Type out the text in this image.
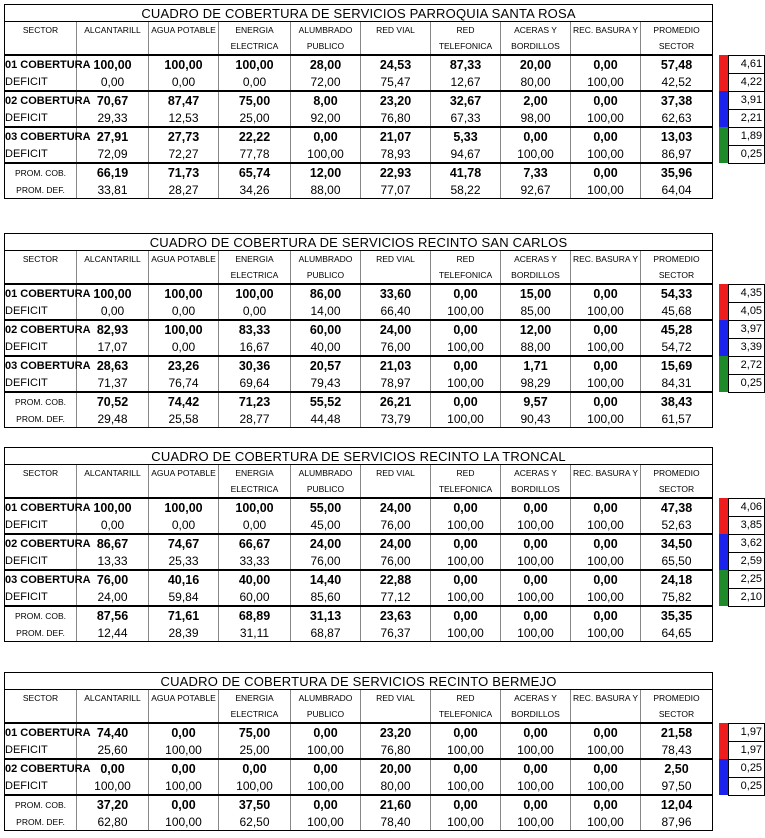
CUADRO DE COBERTURA DE SERVICIOS PARROQUIA SANTA ROSA												
SECTOR	ALCANTARILL	AGUA POTABLE	ENERGIA	ALUMBRADO	RED VIAL	RED	ACERAS Y	REC. BASURA Y	PROMEDIO			
			ELECTRICA	PUBLICO		TELEFONICA	BORDILLOS		SECTOR			
01 COBERTURA	100,00	100,00	100,00	28,00	24,53	87,33	20,00	0,00	57,48			4,61
DEFICIT	0,00	0,00	0,00	72,00	75,47	12,67	80,00	100,00	42,52			4,22
02 COBERTURA	70,67	87,47	75,00	8,00	23,20	32,67	2,00	0,00	37,38			3,91
DEFICIT	29,33	12,53	25,00	92,00	76,80	67,33	98,00	100,00	62,63			2,21
03 COBERTURA	27,91	27,73	22,22	0,00	21,07	5,33	0,00	0,00	13,03			1,89
DEFICIT	72,09	72,27	77,78	100,00	78,93	94,67	100,00	100,00	86,97			0,25
PROM. COB.	66,19	71,73	65,74	12,00	22,93	41,78	7,33	0,00	35,96			
PROM. DEF.	33,81	28,27	34,26	88,00	77,07	58,22	92,67	100,00	64,04			
CUADRO DE COBERTURA DE SERVICIOS RECINTO SAN CARLOS												
SECTOR	ALCANTARILL	AGUA POTABLE	ENERGIA	ALUMBRADO	RED VIAL	RED	ACERAS Y	REC. BASURA Y	PROMEDIO			
			ELECTRICA	PUBLICO		TELEFONICA	BORDILLOS		SECTOR			
01 COBERTURA	100,00	100,00	100,00	86,00	33,60	0,00	15,00	0,00	54,33			4,35
DEFICIT	0,00	0,00	0,00	14,00	66,40	100,00	85,00	100,00	45,68			4,05
02 COBERTURA	82,93	100,00	83,33	60,00	24,00	0,00	12,00	0,00	45,28			3,97
DEFICIT	17,07	0,00	16,67	40,00	76,00	100,00	88,00	100,00	54,72			3,39
03 COBERTURA	28,63	23,26	30,36	20,57	21,03	0,00	1,71	0,00	15,69			2,72
DEFICIT	71,37	76,74	69,64	79,43	78,97	100,00	98,29	100,00	84,31			0,25
PROM. COB.	70,52	74,42	71,23	55,52	26,21	0,00	9,57	0,00	38,43			
PROM. DEF.	29,48	25,58	28,77	44,48	73,79	100,00	90,43	100,00	61,57			
CUADRO DE COBERTURA DE SERVICIOS RECINTO LA TRONCAL												
SECTOR	ALCANTARILL	AGUA POTABLE	ENERGIA	ALUMBRADO	RED VIAL	RED	ACERAS Y	REC. BASURA Y	PROMEDIO			
			ELECTRICA	PUBLICO		TELEFONICA	BORDILLOS		SECTOR			
01 COBERTURA	100,00	100,00	100,00	55,00	24,00	0,00	0,00	0,00	47,38			4,06
DEFICIT	0,00	0,00	0,00	45,00	76,00	100,00	100,00	100,00	52,63			3,85
02 COBERTURA	86,67	74,67	66,67	24,00	24,00	0,00	0,00	0,00	34,50			3,62
DEFICIT	13,33	25,33	33,33	76,00	76,00	100,00	100,00	100,00	65,50			2,59
03 COBERTURA	76,00	40,16	40,00	14,40	22,88	0,00	0,00	0,00	24,18			2,25
DEFICIT	24,00	59,84	60,00	85,60	77,12	100,00	100,00	100,00	75,82			2,10
PROM. COB.	87,56	71,61	68,89	31,13	23,63	0,00	0,00	0,00	35,35			
PROM. DEF.	12,44	28,39	31,11	68,87	76,37	100,00	100,00	100,00	64,65			
CUADRO DE COBERTURA DE SERVICIOS RECINTO BERMEJO												
SECTOR	ALCANTARILL	AGUA POTABLE	ENERGIA	ALUMBRADO	RED VIAL	RED	ACERAS Y	REC. BASURA Y	PROMEDIO			
			ELECTRICA	PUBLICO		TELEFONICA	BORDILLOS		SECTOR			
01 COBERTURA	74,40	0,00	75,00	0,00	23,20	0,00	0,00	0,00	21,58			1,97
DEFICIT	25,60	100,00	25,00	100,00	76,80	100,00	100,00	100,00	78,43			1,97
02 COBERTURA	0,00	0,00	0,00	0,00	20,00	0,00	0,00	0,00	2,50			0,25
DEFICIT	100,00	100,00	100,00	100,00	80,00	100,00	100,00	100,00	97,50			0,25
PROM. COB.	37,20	0,00	37,50	0,00	21,60	0,00	0,00	0,00	12,04			
PROM. DEF.	62,80	100,00	62,50	100,00	78,40	100,00	100,00	100,00	87,96			
